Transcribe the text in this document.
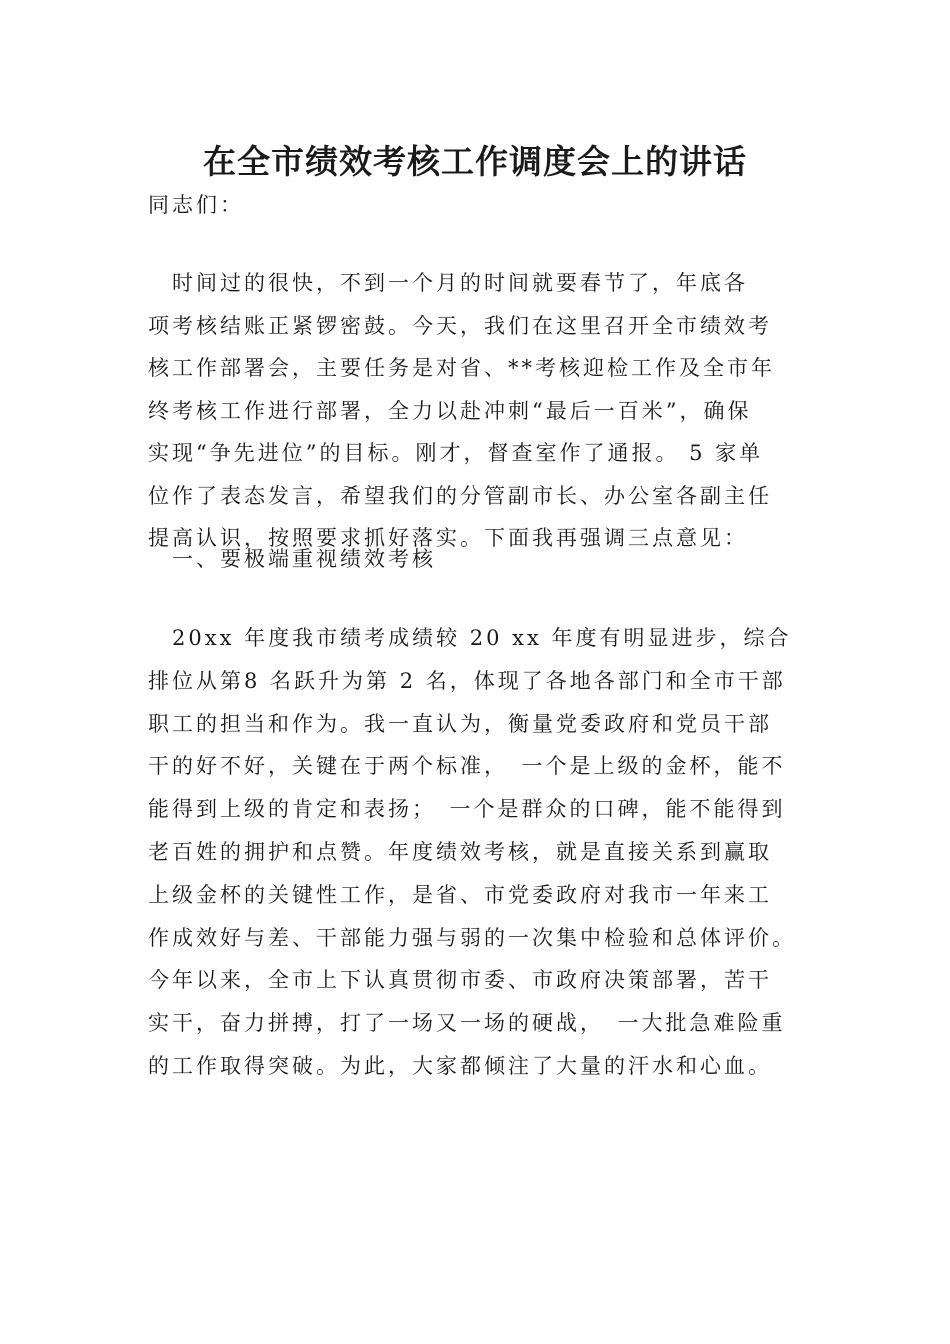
在全市绩效考核工作调度会上的讲话

同志们：

　时间过的很快，不到一个月的时间就要春节了，年底各
项考核结账正紧锣密鼓。今天，我们在这里召开全市绩效考
核工作部署会，主要任务是对省、**考核迎检工作及全市年
终考核工作进行部署，全力以赴冲刺“最后一百米”，确保
实现“争先进位”的目标。刚才，督查室作了通报。 5 家单
位作了表态发言，希望我们的分管副市长、办公室各副主任
提高认识，按照要求抓好落实。下面我再强调三点意见：
　一、要极端重视绩效考核
　20xx 年度我市绩考成绩较 20 xx 年度有明显进步，综合
排位从第8 名跃升为第 2 名，体现了各地各部门和全市干部
职工的担当和作为。我一直认为，衡量党委政府和党员干部
干的好不好，关键在于两个标准，　一个是上级的金杯，能不
能得到上级的肯定和表扬；　一个是群众的口碑，能不能得到
老百姓的拥护和点赞。年度绩效考核，就是直接关系到赢取
上级金杯的关键性工作，是省、市党委政府对我市一年来工
作成效好与差、干部能力强与弱的一次集中检验和总体评价。
今年以来，全市上下认真贯彻市委、市政府决策部署，苦干
实干，奋力拼搏，打了一场又一场的硬战，　一大批急难险重
的工作取得突破。为此，大家都倾注了大量的汗水和心血。
